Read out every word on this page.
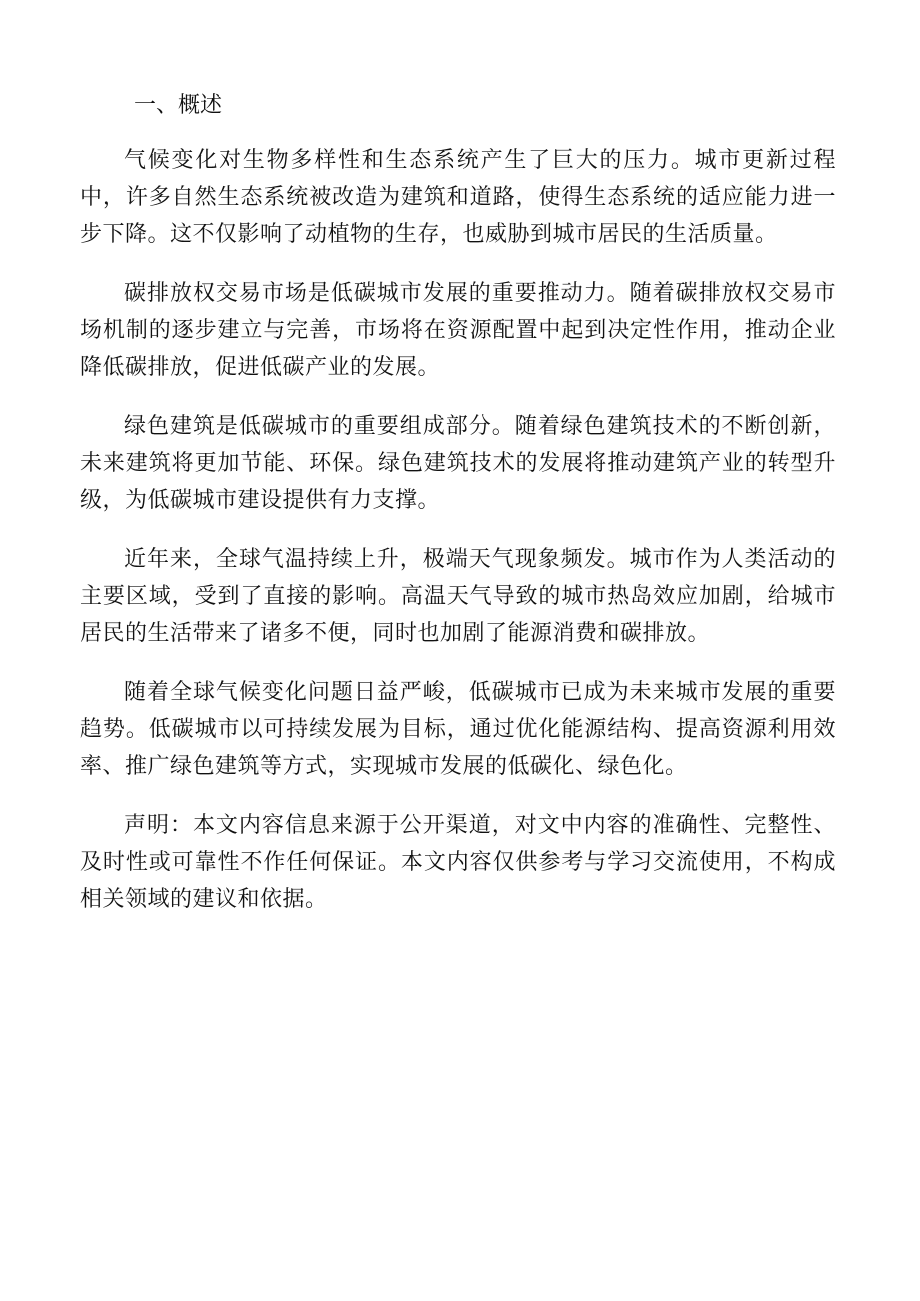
一、概述

气候变化对生物多样性和生态系统产生了巨大的压力。城市更新过程中，许多自然生态系统被改造为建筑和道路，使得生态系统的适应能力进一步下降。这不仅影响了动植物的生存，也威胁到城市居民的生活质量。

碳排放权交易市场是低碳城市发展的重要推动力。随着碳排放权交易市场机制的逐步建立与完善，市场将在资源配置中起到决定性作用，推动企业降低碳排放，促进低碳产业的发展。

绿色建筑是低碳城市的重要组成部分。随着绿色建筑技术的不断创新，未来建筑将更加节能、环保。绿色建筑技术的发展将推动建筑产业的转型升级，为低碳城市建设提供有力支撑。

近年来，全球气温持续上升，极端天气现象频发。城市作为人类活动的主要区域，受到了直接的影响。高温天气导致的城市热岛效应加剧，给城市居民的生活带来了诸多不便，同时也加剧了能源消费和碳排放。

随着全球气候变化问题日益严峻，低碳城市已成为未来城市发展的重要趋势。低碳城市以可持续发展为目标，通过优化能源结构、提高资源利用效率、推广绿色建筑等方式，实现城市发展的低碳化、绿色化。

声明：本文内容信息来源于公开渠道，对文中内容的准确性、完整性、及时性或可靠性不作任何保证。本文内容仅供参考与学习交流使用，不构成相关领域的建议和依据。
